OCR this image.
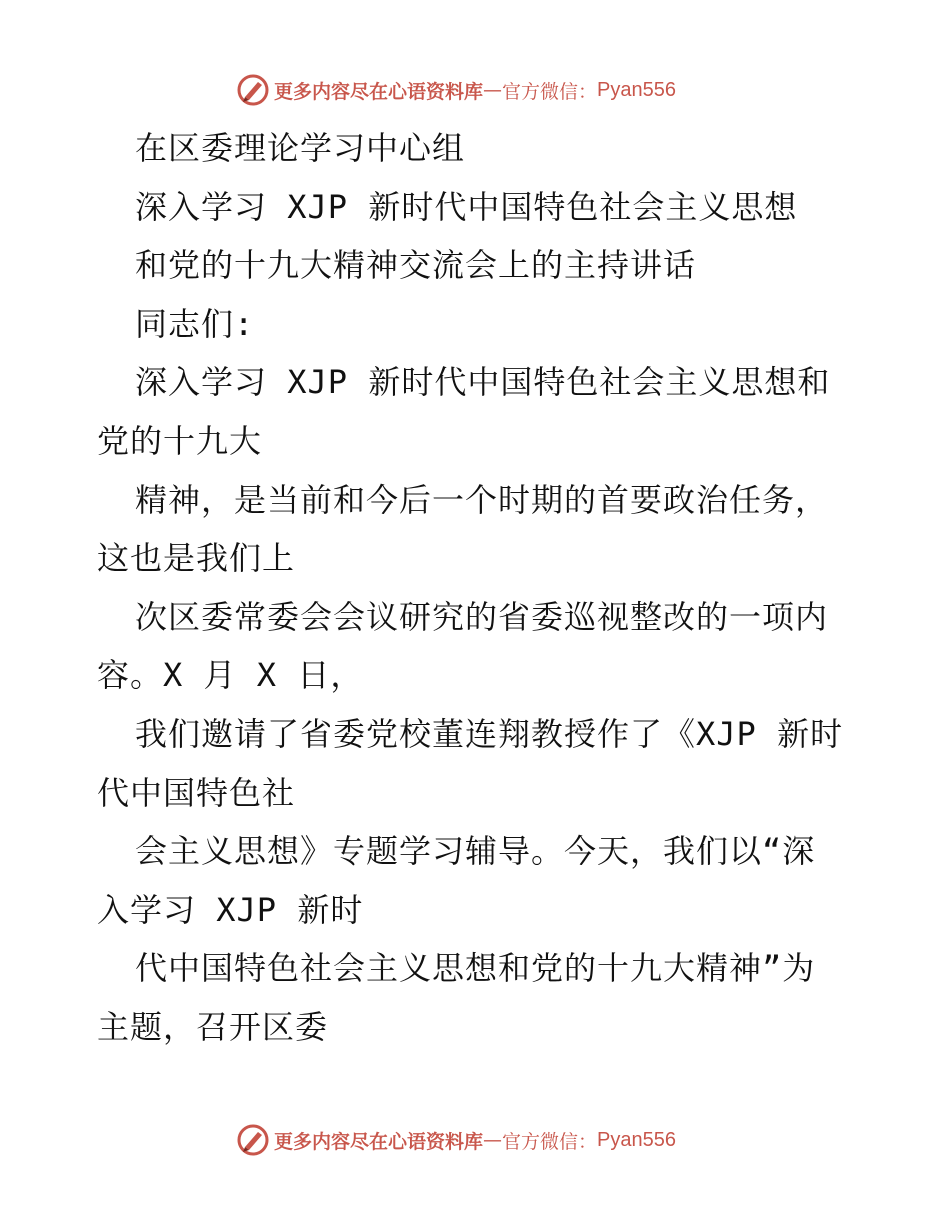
更多内容尽在心语资料库 — 官方微信： Pyan556
在区委理论学习中心组
深入学习 XJP 新时代中国特色社会主义思想
和党的十九大精神交流会上的主持讲话
同志们:
深入学习 XJP 新时代中国特色社会主义思想和
党的十九大
精神，是当前和今后一个时期的首要政治任务，
这也是我们上
次区委常委会会议研究的省委巡视整改的一项内
容。X 月 X 日，
我们邀请了省委党校董连翔教授作了《XJP 新时
代中国特色社
会主义思想》专题学习辅导。今天，我们以“深
入学习 XJP 新时
代中国特色社会主义思想和党的十九大精神”为
主题，召开区委
更多内容尽在心语资料库 — 官方微信： Pyan556
